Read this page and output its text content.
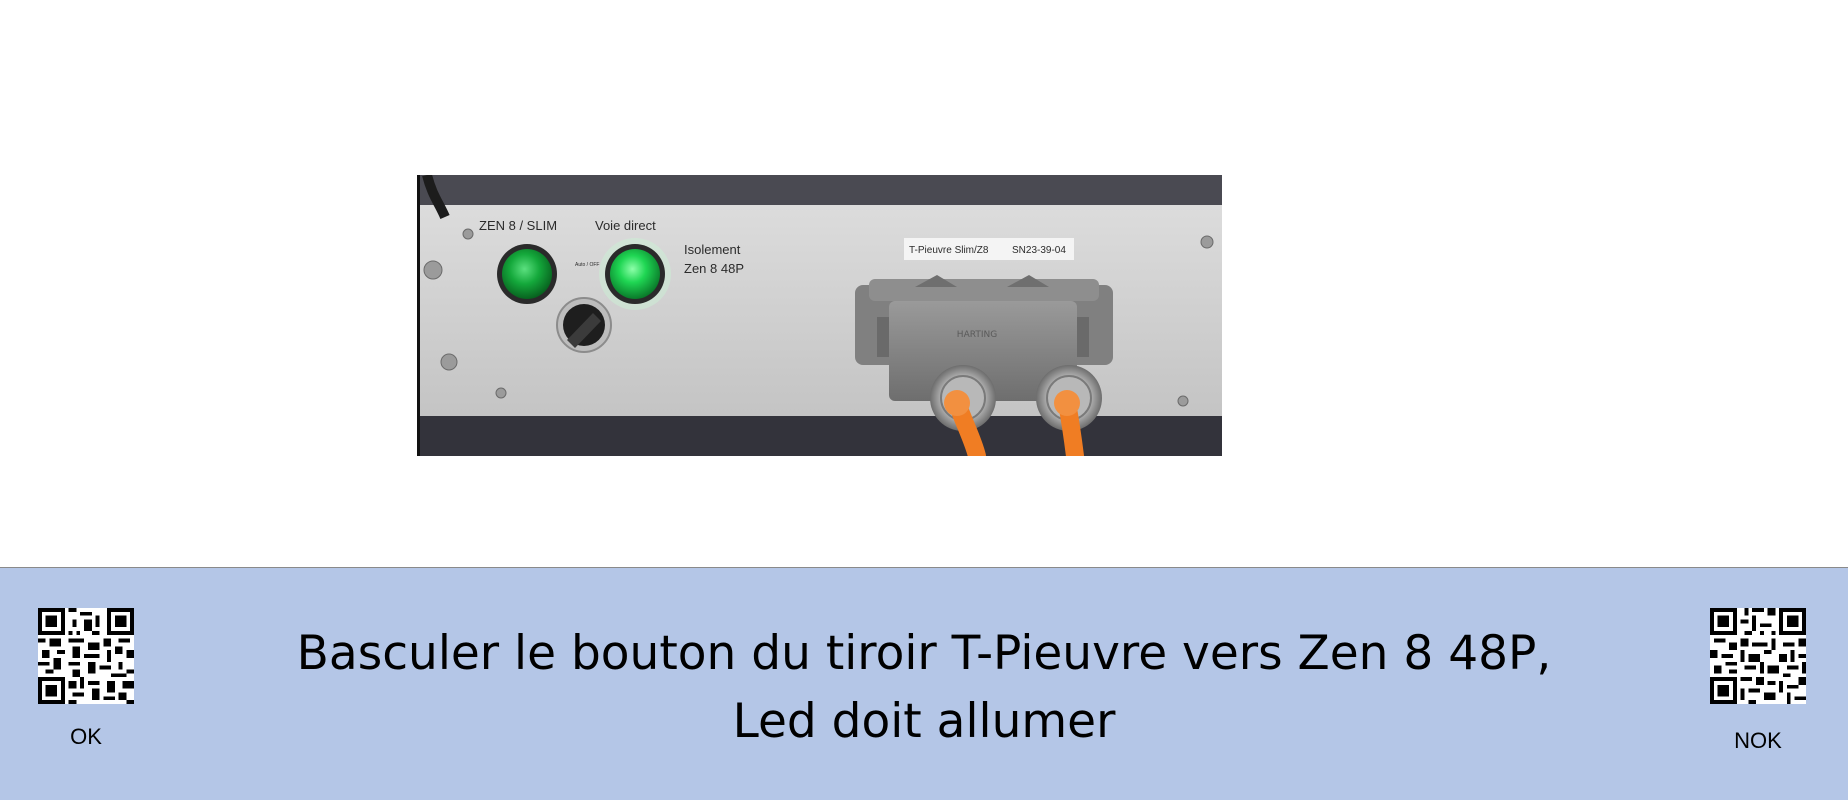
ZEN 8 / SLIM	Voie direct
Isolement
Zen 8 48P
Auto / OFF
T-Pieuvre Slim/Z8 SN23-39-04
HARTING
OK
Basculer le bouton du tiroir T-Pieuvre vers Zen 8 48P,
Led doit allumer	NOK
